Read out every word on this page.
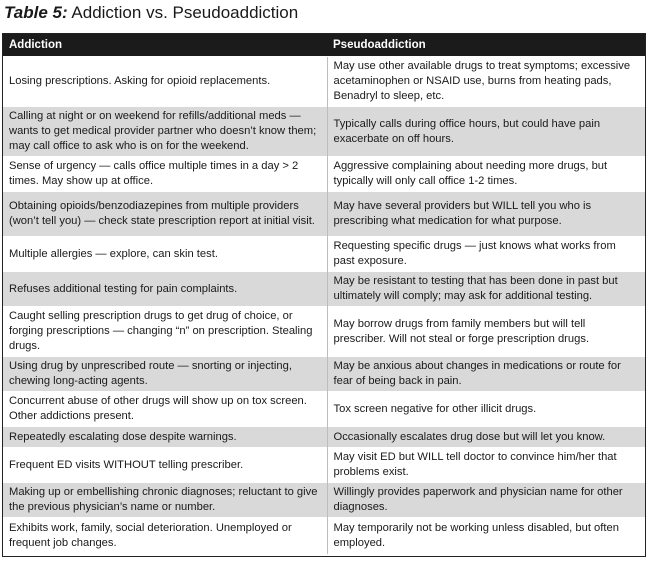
Table 5: Addiction vs. Pseudoaddiction
Addiction	Pseudoaddiction
Losing prescriptions. Asking for opioid replacements.	May use other available drugs to treat symptoms; excessive acetaminophen or NSAID use, burns from heating pads, Benadryl to sleep, etc.
Calling at night or on weekend for refills/additional meds — wants to get medical provider partner who doesn’t know them; may call office to ask who is on for the weekend.	Typically calls during office hours, but could have pain exacerbate on off hours.
Sense of urgency — calls office multiple times in a day > 2 times. May show up at office.	Aggressive complaining about needing more drugs, but typically will only call office 1-2 times.
Obtaining opioids/benzodiazepines from multiple providers (won’t tell you) — check state prescription report at initial visit.	May have several providers but WILL tell you who is prescribing what medication for what purpose.
Multiple allergies — explore, can skin test.	Requesting specific drugs — just knows what works from past exposure.
Refuses additional testing for pain complaints.	May be resistant to testing that has been done in past but ultimately will comply; may ask for additional testing.
Caught selling prescription drugs to get drug of choice, or forging prescriptions — changing “n” on prescription. Stealing drugs.	May borrow drugs from family members but will tell prescriber. Will not steal or forge prescription drugs.
Using drug by unprescribed route — snorting or injecting, chewing long-acting agents.	May be anxious about changes in medications or route for fear of being back in pain.
Concurrent abuse of other drugs will show up on tox screen. Other addictions present.	Tox screen negative for other illicit drugs.
Repeatedly escalating dose despite warnings.	Occasionally escalates drug dose but will let you know.
Frequent ED visits WITHOUT telling prescriber.	May visit ED but WILL tell doctor to convince him/her that problems exist.
Making up or embellishing chronic diagnoses; reluctant to give the previous physician’s name or number.	Willingly provides paperwork and physician name for other diagnoses.
Exhibits work, family, social deterioration. Unemployed or frequent job changes.	May temporarily not be working unless disabled, but often employed.
